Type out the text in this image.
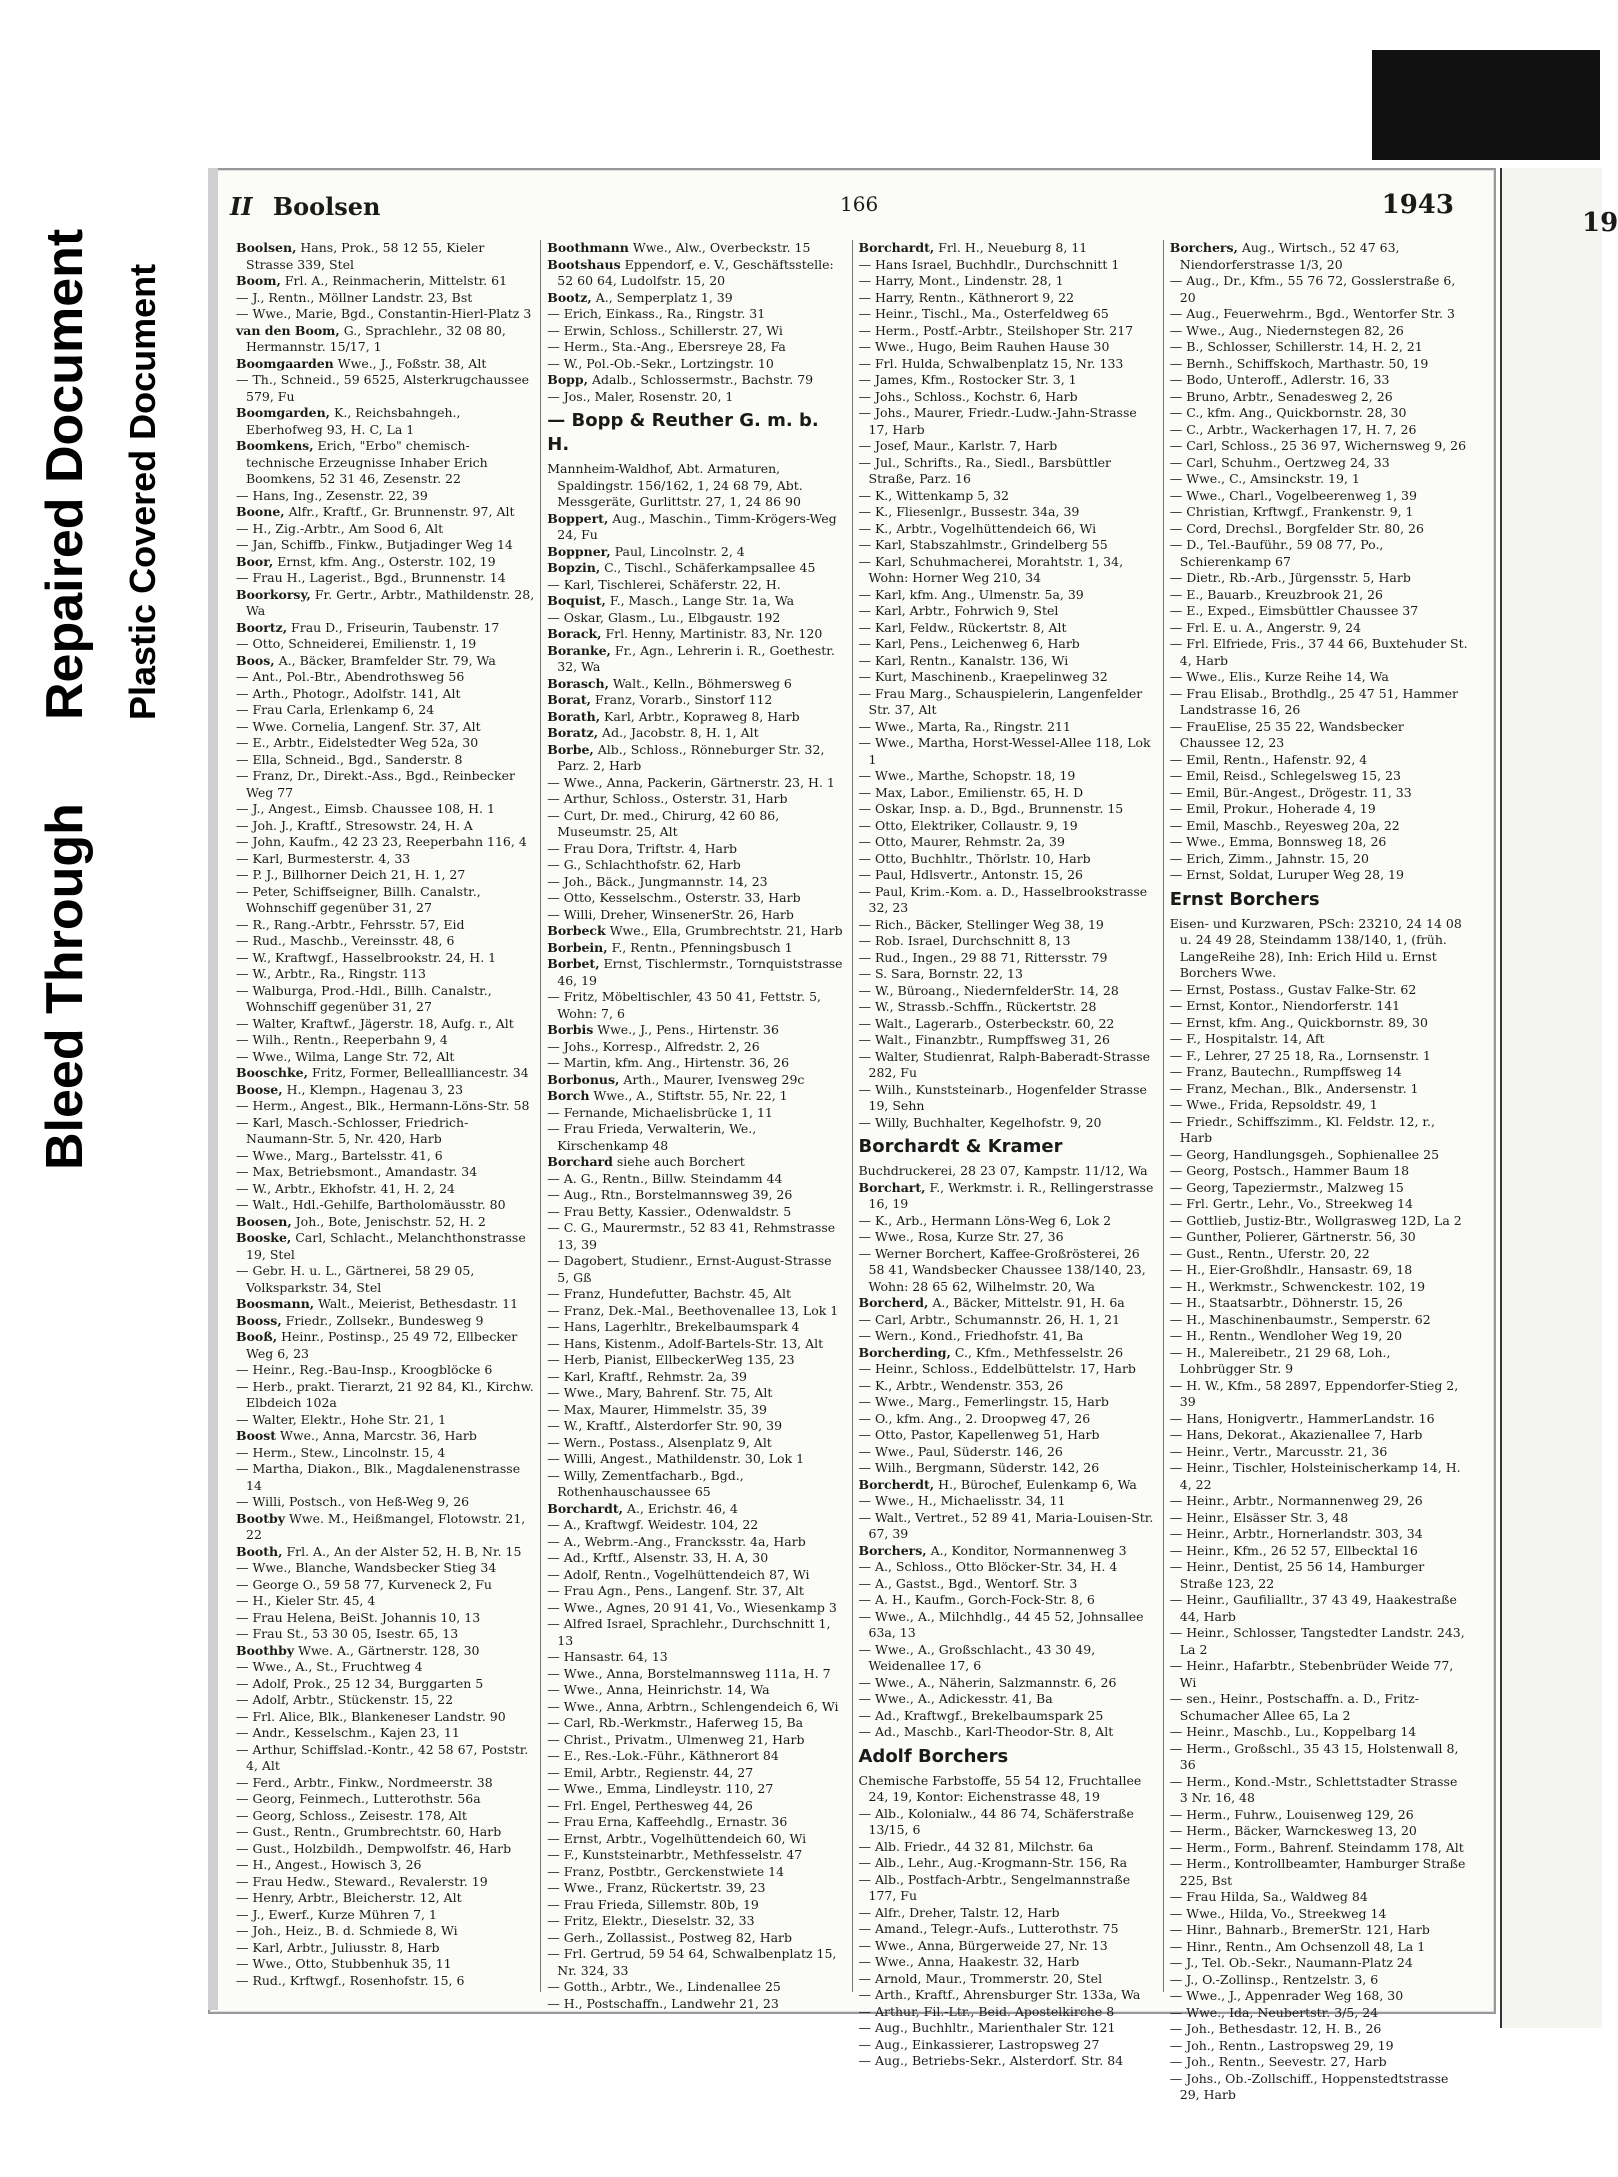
Bleed Through
Repaired Document Plastic Covered Document
II Boolsen	166	1943

Boolsen, Hans, Prok., 58 12 55, Kieler Strasse 339, Stel

Boom, Frl. A., Reinmacherin, Mittelstr. 61

— J., Rentn., Möllner Landstr. 23, Bst

— Wwe., Marie, Bgd., Constantin-Hierl-Platz 3

van den Boom, G., Sprachlehr., 32 08 80, Hermannstr. 15/17, 1

Boomgaarden Wwe., J., Foßstr. 38, Alt

— Th., Schneid., 59 6525, Alsterkrugchaussee 579, Fu

Boomgarden, K., Reichsbahngeh., Eberhofweg 93, H. C, La 1

Boomkens, Erich, "Erbo" chemisch-technische Erzeugnisse Inhaber Erich Boomkens, 52 31 46, Zesenstr. 22

— Hans, Ing., Zesenstr. 22, 39

Boone, Alfr., Kraftf., Gr. Brunnenstr. 97, Alt

— H., Zig.-Arbtr., Am Sood 6, Alt

— Jan, Schiffb., Finkw., Butjadinger Weg 14

Boor, Ernst, kfm. Ang., Osterstr. 102, 19

— Frau H., Lagerist., Bgd., Brunnenstr. 14

Boorkorsy, Fr. Gertr., Arbtr., Mathildenstr. 28, Wa

Boortz, Frau D., Friseurin, Taubenstr. 17

— Otto, Schneiderei, Emilienstr. 1, 19

Boos, A., Bäcker, Bramfelder Str. 79, Wa

— Ant., Pol.-Btr., Abendrothsweg 56

— Arth., Photogr., Adolfstr. 141, Alt

— Frau Carla, Erlenkamp 6, 24

— Wwe. Cornelia, Langenf. Str. 37, Alt

— E., Arbtr., Eidelstedter Weg 52a, 30

— Ella, Schneid., Bgd., Sanderstr. 8

— Franz, Dr., Direkt.-Ass., Bgd., Reinbecker Weg 77

— J., Angest., Eimsb. Chaussee 108, H. 1

— Joh. J., Kraftf., Stresowstr. 24, H. A

— John, Kaufm., 42 23 23, Reeperbahn 116, 4

— Karl, Burmesterstr. 4, 33

— P. J., Billhorner Deich 21, H. 1, 27

— Peter, Schiffseigner, Billh. Canalstr., Wohnschiff gegenüber 31, 27

— R., Rang.-Arbtr., Fehrsstr. 57, Eid

— Rud., Maschb., Vereinsstr. 48, 6

— W., Kraftwgf., Hasselbrookstr. 24, H. 1

— W., Arbtr., Ra., Ringstr. 113

— Walburga, Prod.-Hdl., Billh. Canalstr., Wohnschiff gegenüber 31, 27

— Walter, Kraftwf., Jägerstr. 18, Aufg. r., Alt

— Wilh., Rentn., Reeperbahn 9, 4

— Wwe., Wilma, Lange Str. 72, Alt

Booschke, Fritz, Former, Belleallliancestr. 34

Boose, H., Klempn., Hagenau 3, 23

— Herm., Angest., Blk., Hermann-Löns-Str. 58

— Karl, Masch.-Schlosser, Friedrich-Naumann-Str. 5, Nr. 420, Harb

— Wwe., Marg., Bartelsstr. 41, 6

— Max, Betriebsmont., Amandastr. 34

— W., Arbtr., Ekhofstr. 41, H. 2, 24

— Walt., Hdl.-Gehilfe, Bartholomäusstr. 80

Boosen, Joh., Bote, Jenischstr. 52, H. 2

Booske, Carl, Schlacht., Melanchthonstrasse 19, Stel

— Gebr. H. u. L., Gärtnerei, 58 29 05, Volksparkstr. 34, Stel

Boosmann, Walt., Meierist, Bethesdastr. 11

Booss, Friedr., Zollsekr., Bundesweg 9

Booß, Heinr., Postinsp., 25 49 72, Ellbecker Weg 6, 23

— Heinr., Reg.-Bau-Insp., Kroogblöcke 6

— Herb., prakt. Tierarzt, 21 92 84, Kl., Kirchw. Elbdeich 102a

— Walter, Elektr., Hohe Str. 21, 1

Boost Wwe., Anna, Marcstr. 36, Harb

— Herm., Stew., Lincolnstr. 15, 4

— Martha, Diakon., Blk., Magdalenenstrasse 14

— Willi, Postsch., von Heß-Weg 9, 26

Bootby Wwe. M., Heißmangel, Flotowstr. 21, 22

Booth, Frl. A., An der Alster 52, H. B, Nr. 15

— Wwe., Blanche, Wandsbecker Stieg 34

— George O., 59 58 77, Kurveneck 2, Fu

— H., Kieler Str. 45, 4

— Frau Helena, BeiSt. Johannis 10, 13

— Frau St., 53 30 05, Isestr. 65, 13

Boothby Wwe. A., Gärtnerstr. 128, 30

— Wwe., A., St., Fruchtweg 4

— Adolf, Prok., 25 12 34, Burggarten 5

— Adolf, Arbtr., Stückenstr. 15, 22

— Frl. Alice, Blk., Blankeneser Landstr. 90

— Andr., Kesselschm., Kajen 23, 11

— Arthur, Schiffslad.-Kontr., 42 58 67, Poststr. 4, Alt

— Ferd., Arbtr., Finkw., Nordmeerstr. 38

— Georg, Feinmech., Lutterothstr. 56a

— Georg, Schloss., Zeisestr. 178, Alt

— Gust., Rentn., Grumbrechtstr. 60, Harb

— Gust., Holzbildh., Dempwolfstr. 46, Harb

— H., Angest., Howisch 3, 26

— Frau Hedw., Steward., Revalerstr. 19

— Henry, Arbtr., Bleicherstr. 12, Alt

— J., Ewerf., Kurze Mühren 7, 1

— Joh., Heiz., B. d. Schmiede 8, Wi

— Karl, Arbtr., Juliusstr. 8, Harb

— Wwe., Otto, Stubbenhuk 35, 11

— Rud., Krftwgf., Rosenhofstr. 15, 6

Boothmann Wwe., Alw., Overbeckstr. 15

Bootshaus Eppendorf, e. V., Geschäftsstelle: 52 60 64, Ludolfstr. 15, 20

Bootz, A., Semperplatz 1, 39

— Erich, Einkass., Ra., Ringstr. 31

— Erwin, Schloss., Schillerstr. 27, Wi

— Herm., Sta.-Ang., Ebersreye 28, Fa

— W., Pol.-Ob.-Sekr., Lortzingstr. 10

Bopp, Adalb., Schlossermstr., Bachstr. 79

— Jos., Maler, Rosenstr. 20, 1

— Bopp & Reuther G. m. b. H.

Mannheim-Waldhof, Abt. Armaturen, Spaldingstr. 156/162, 1, 24 68 79, Abt. Messgeräte, Gurlittstr. 27, 1, 24 86 90

Boppert, Aug., Maschin., Timm-Krögers-Weg 24, Fu

Boppner, Paul, Lincolnstr. 2, 4

Bopzin, C., Tischl., Schäferkampsallee 45

— Karl, Tischlerei, Schäferstr. 22, H.

Boquist, F., Masch., Lange Str. 1a, Wa

— Oskar, Glasm., Lu., Elbgaustr. 192

Borack, Frl. Henny, Martinistr. 83, Nr. 120

Boranke, Fr., Agn., Lehrerin i. R., Goethestr. 32, Wa

Borasch, Walt., Kelln., Böhmersweg 6

Borat, Franz, Vorarb., Sinstorf 112

Borath, Karl, Arbtr., Kopraweg 8, Harb

Boratz, Ad., Jacobstr. 8, H. 1, Alt

Borbe, Alb., Schloss., Rönneburger Str. 32, Parz. 2, Harb

— Wwe., Anna, Packerin, Gärtnerstr. 23, H. 1

— Arthur, Schloss., Osterstr. 31, Harb

— Curt, Dr. med., Chirurg, 42 60 86, Museumstr. 25, Alt

— Frau Dora, Triftstr. 4, Harb

— G., Schlachthofstr. 62, Harb

— Joh., Bäck., Jungmannstr. 14, 23

— Otto, Kesselschm., Osterstr. 33, Harb

— Willi, Dreher, WinsenerStr. 26, Harb

Borbeck Wwe., Ella, Grumbrechtstr. 21, Harb

Borbein, F., Rentn., Pfenningsbusch 1

Borbet, Ernst, Tischlermstr., Tornquiststrasse 46, 19

— Fritz, Möbeltischler, 43 50 41, Fettstr. 5, Wohn: 7, 6

Borbis Wwe., J., Pens., Hirtenstr. 36

— Johs., Korresp., Alfredstr. 2, 26

— Martin, kfm. Ang., Hirtenstr. 36, 26

Borbonus, Arth., Maurer, Ivensweg 29c

Borch Wwe., A., Stiftstr. 55, Nr. 22, 1

— Fernande, Michaelisbrücke 1, 11

— Frau Frieda, Verwalterin, We., Kirschenkamp 48

Borchard siehe auch Borchert

— A. G., Rentn., Billw. Steindamm 44

— Aug., Rtn., Borstelmannsweg 39, 26

— Frau Betty, Kassier., Odenwaldstr. 5

— C. G., Maurermstr., 52 83 41, Rehmstrasse 13, 39

— Dagobert, Studienr., Ernst-August-Strasse 5, Gß

— Franz, Hundefutter, Bachstr. 45, Alt

— Franz, Dek.-Mal., Beethovenallee 13, Lok 1

— Hans, Lagerhltr., Brekelbaumspark 4

— Hans, Kistenm., Adolf-Bartels-Str. 13, Alt

— Herb, Pianist, EllbeckerWeg 135, 23

— Karl, Kraftf., Rehmstr. 2a, 39

— Wwe., Mary, Bahrenf. Str. 75, Alt

— Max, Maurer, Himmelstr. 35, 39

— W., Kraftf., Alsterdorfer Str. 90, 39

— Wern., Postass., Alsenplatz 9, Alt

— Willi, Angest., Mathildenstr. 30, Lok 1

— Willy, Zementfacharb., Bgd., Rothenhauschaussee 65

Borchardt, A., Erichstr. 46, 4

— A., Kraftwgf. Weidestr. 104, 22

— A., Webrm.-Ang., Francksstr. 4a, Harb

— Ad., Krftf., Alsenstr. 33, H. A, 30

— Adolf, Rentn., Vogelhüttendeich 87, Wi

— Frau Agn., Pens., Langenf. Str. 37, Alt

— Wwe., Agnes, 20 91 41, Vo., Wiesenkamp 3

— Alfred Israel, Sprachlehr., Durchschnitt 1, 13

— Hansastr. 64, 13

— Wwe., Anna, Borstelmannsweg 111a, H. 7

— Wwe., Anna, Heinrichstr. 14, Wa

— Wwe., Anna, Arbtrn., Schlengendeich 6, Wi

— Carl, Rb.-Werkmstr., Haferweg 15, Ba

— Christ., Privatm., Ulmenweg 21, Harb

— E., Res.-Lok.-Führ., Käthnerort 84

— Emil, Arbtr., Regienstr. 44, 27

— Wwe., Emma, Lindleystr. 110, 27

— Frl. Engel, Perthesweg 44, 26

— Frau Erna, Kaffeehdlg., Ernastr. 36

— Ernst, Arbtr., Vogelhüttendeich 60, Wi

— F., Kunststeinarbtr., Methfesselstr. 47

— Franz, Postbtr., Gerckenstwiete 14

— Wwe., Franz, Rückertstr. 39, 23

— Frau Frieda, Sillemstr. 80b, 19

— Fritz, Elektr., Dieselstr. 32, 33

— Gerh., Zollassist., Postweg 82, Harb

— Frl. Gertrud, 59 54 64, Schwalbenplatz 15, Nr. 324, 33

— Gotth., Arbtr., We., Lindenallee 25

— H., Postschaffn., Landwehr 21, 23

Borchardt, Frl. H., Neueburg 8, 11

— Hans Israel, Buchhdlr., Durchschnitt 1

— Harry, Mont., Lindenstr. 28, 1

— Harry, Rentn., Käthnerort 9, 22

— Heinr., Tischl., Ma., Osterfeldweg 65

— Herm., Postf.-Arbtr., Steilshoper Str. 217

— Wwe., Hugo, Beim Rauhen Hause 30

— Frl. Hulda, Schwalbenplatz 15, Nr. 133

— James, Kfm., Rostocker Str. 3, 1

— Johs., Schloss., Kochstr. 6, Harb

— Johs., Maurer, Friedr.-Ludw.-Jahn-Strasse 17, Harb

— Josef, Maur., Karlstr. 7, Harb

— Jul., Schrifts., Ra., Siedl., Barsbüttler Straße, Parz. 16

— K., Wittenkamp 5, 32

— K., Fliesenlgr., Bussestr. 34a, 39

— K., Arbtr., Vogelhüttendeich 66, Wi

— Karl, Stabszahlmstr., Grindelberg 55

— Karl, Schuhmacherei, Morahtstr. 1, 34, Wohn: Horner Weg 210, 34

— Karl, kfm. Ang., Ulmenstr. 5a, 39

— Karl, Arbtr., Fohrwich 9, Stel

— Karl, Feldw., Rückertstr. 8, Alt

— Karl, Pens., Leichenweg 6, Harb

— Karl, Rentn., Kanalstr. 136, Wi

— Kurt, Maschinenb., Kraepelinweg 32

— Frau Marg., Schauspielerin, Langenfelder Str. 37, Alt

— Wwe., Marta, Ra., Ringstr. 211

— Wwe., Martha, Horst-Wessel-Allee 118, Lok 1

— Wwe., Marthe, Schopstr. 18, 19

— Max, Labor., Emilienstr. 65, H. D

— Oskar, Insp. a. D., Bgd., Brunnenstr. 15

— Otto, Elektriker, Collaustr. 9, 19

— Otto, Maurer, Rehmstr. 2a, 39

— Otto, Buchhltr., Thörlstr. 10, Harb

— Paul, Hdlsvertr., Antonstr. 15, 26

— Paul, Krim.-Kom. a. D., Hasselbrookstrasse 32, 23

— Rich., Bäcker, Stellinger Weg 38, 19

— Rob. Israel, Durchschnitt 8, 13

— Rud., Ingen., 29 88 71, Rittersstr. 79

— S. Sara, Bornstr. 22, 13

— W., Büroang., NiedernfelderStr. 14, 28

— W., Strassb.-Schffn., Rückertstr. 28

— Walt., Lagerarb., Osterbeckstr. 60, 22

— Walt., Finanzbtr., Rumpffsweg 31, 26

— Walter, Studienrat, Ralph-Baberadt-Strasse 282, Fu

— Wilh., Kunststeinarb., Hogenfelder Strasse 19, Sehn

— Willy, Buchhalter, Kegelhofstr. 9, 20

Borchardt & Kramer

Buchdruckerei, 28 23 07, Kampstr. 11/12, Wa

Borchart, F., Werkmstr. i. R., Rellingerstrasse 16, 19

— K., Arb., Hermann Löns-Weg 6, Lok 2

— Wwe., Rosa, Kurze Str. 27, 36

— Werner Borchert, Kaffee-Großrösterei, 26 58 41, Wandsbecker Chaussee 138/140, 23, Wohn: 28 65 62, Wilhelmstr. 20, Wa

Borcherd, A., Bäcker, Mittelstr. 91, H. 6a

— Carl, Arbtr., Schumannstr. 26, H. 1, 21

— Wern., Kond., Friedhofstr. 41, Ba

Borcherding, C., Kfm., Methfesselstr. 26

— Heinr., Schloss., Eddelbüttelstr. 17, Harb

— K., Arbtr., Wendenstr. 353, 26

— Wwe., Marg., Femerlingstr. 15, Harb

— O., kfm. Ang., 2. Droopweg 47, 26

— Otto, Pastor, Kapellenweg 51, Harb

— Wwe., Paul, Süderstr. 146, 26

— Wilh., Bergmann, Süderstr. 142, 26

Borcherdt, H., Bürochef, Eulenkamp 6, Wa

— Wwe., H., Michaelisstr. 34, 11

— Walt., Vertret., 52 89 41, Maria-Louisen-Str. 67, 39

Borchers, A., Konditor, Normannenweg 3

— A., Schloss., Otto Blöcker-Str. 34, H. 4

— A., Gastst., Bgd., Wentorf. Str. 3

— A. H., Kaufm., Gorch-Fock-Str. 8, 6

— Wwe., A., Milchhdlg., 44 45 52, Johnsallee 63a, 13

— Wwe., A., Großschlacht., 43 30 49, Weidenallee 17, 6

— Wwe., A., Näherin, Salzmannstr. 6, 26

— Wwe., A., Adickesstr. 41, Ba

— Ad., Kraftwgf., Brekelbaumspark 25

— Ad., Maschb., Karl-Theodor-Str. 8, Alt

Adolf Borchers

Chemische Farbstoffe, 55 54 12, Fruchtallee 24, 19, Kontor: Eichenstrasse 48, 19

— Alb., Kolonialw., 44 86 74, Schäferstraße 13/15, 6

— Alb. Friedr., 44 32 81, Milchstr. 6a

— Alb., Lehr., Aug.-Krogmann-Str. 156, Ra

— Alb., Postfach-Arbtr., Sengelmannstraße 177, Fu

— Alfr., Dreher, Talstr. 12, Harb

— Amand., Telegr.-Aufs., Lutterothstr. 75

— Wwe., Anna, Bürgerweide 27, Nr. 13

— Wwe., Anna, Haakestr. 32, Harb

— Arnold, Maur., Trommerstr. 20, Stel

— Arth., Kraftf., Ahrensburger Str. 133a, Wa

— Arthur, Fil.-Ltr., Beid. Apostelkirche 8

— Aug., Buchhltr., Marienthaler Str. 121

— Aug., Einkassierer, Lastropsweg 27

— Aug., Betriebs-Sekr., Alsterdorf. Str. 84

Borchers, Aug., Wirtsch., 52 47 63, Niendorferstrasse 1/3, 20

— Aug., Dr., Kfm., 55 76 72, Gosslerstraße 6, 20

— Aug., Feuerwehrm., Bgd., Wentorfer Str. 3

— Wwe., Aug., Niedernstegen 82, 26

— B., Schlosser, Schillerstr. 14, H. 2, 21

— Bernh., Schiffskoch, Marthastr. 50, 19

— Bodo, Unteroff., Adlerstr. 16, 33

— Bruno, Arbtr., Senadesweg 2, 26

— C., kfm. Ang., Quickbornstr. 28, 30

— C., Arbtr., Wackerhagen 17, H. 7, 26

— Carl, Schloss., 25 36 97, Wichernsweg 9, 26

— Carl, Schuhm., Oertzweg 24, 33

— Wwe., C., Amsinckstr. 19, 1

— Wwe., Charl., Vogelbeerenweg 1, 39

— Christian, Krftwgf., Frankenstr. 9, 1

— Cord, Drechsl., Borgfelder Str. 80, 26

— D., Tel.-Bauführ., 59 08 77, Po., Schierenkamp 67

— Dietr., Rb.-Arb., Jürgensstr. 5, Harb

— E., Bauarb., Kreuzbrook 21, 26

— E., Exped., Eimsbüttler Chaussee 37

— Frl. E. u. A., Angerstr. 9, 24

— Frl. Elfriede, Fris., 37 44 66, Buxtehuder St. 4, Harb

— Wwe., Elis., Kurze Reihe 14, Wa

— Frau Elisab., Brothdlg., 25 47 51, Hammer Landstrasse 16, 26

— FrauElise, 25 35 22, Wandsbecker Chaussee 12, 23

— Emil, Rentn., Hafenstr. 92, 4

— Emil, Reisd., Schlegelsweg 15, 23

— Emil, Bür.-Angest., Drögestr. 11, 33

— Emil, Prokur., Hoherade 4, 19

— Emil, Maschb., Reyesweg 20a, 22

— Wwe., Emma, Bonnsweg 18, 26

— Erich, Zimm., Jahnstr. 15, 20

— Ernst, Soldat, Luruper Weg 28, 19

Ernst Borchers

Eisen- und Kurzwaren, PSch: 23210, 24 14 08 u. 24 49 28, Steindamm 138/140, 1, (früh. LangeReihe 28), Inh: Erich Hild u. Ernst Borchers Wwe.

— Ernst, Postass., Gustav Falke-Str. 62

— Ernst, Kontor., Niendorferstr. 141

— Ernst, kfm. Ang., Quickbornstr. 89, 30

— F., Hospitalstr. 14, Aft

— F., Lehrer, 27 25 18, Ra., Lornsenstr. 1

— Franz, Bautechn., Rumpffsweg 14

— Franz, Mechan., Blk., Andersenstr. 1

— Wwe., Frida, Repsoldstr. 49, 1

— Friedr., Schiffszimm., Kl. Feldstr. 12, r., Harb

— Georg, Handlungsgeh., Sophienallee 25

— Georg, Postsch., Hammer Baum 18

— Georg, Tapeziermstr., Malzweg 15

— Frl. Gertr., Lehr., Vo., Streekweg 14

— Gottlieb, Justiz-Btr., Wollgrasweg 12D, La 2

— Gunther, Polierer, Gärtnerstr. 56, 30

— Gust., Rentn., Uferstr. 20, 22

— H., Eier-Großhdlr., Hansastr. 69, 18

— H., Werkmstr., Schwenckestr. 102, 19

— H., Staatsarbtr., Döhnerstr. 15, 26

— H., Maschinenbaumstr., Semperstr. 62

— H., Rentn., Wendloher Weg 19, 20

— H., Malereibetr., 21 29 68, Loh., Lohbrügger Str. 9

— H. W., Kfm., 58 2897, Eppendorfer-Stieg 2, 39

— Hans, Honigvertr., HammerLandstr. 16

— Hans, Dekorat., Akazienallee 7, Harb

— Heinr., Vertr., Marcusstr. 21, 36

— Heinr., Tischler, Holsteinischerkamp 14, H. 4, 22

— Heinr., Arbtr., Normannenweg 29, 26

— Heinr., Elsässer Str. 3, 48

— Heinr., Arbtr., Hornerlandstr. 303, 34

— Heinr., Kfm., 26 52 57, Ellbecktal 16

— Heinr., Dentist, 25 56 14, Hamburger Straße 123, 22

— Heinr., Gaufilialltr., 37 43 49, Haakestraße 44, Harb

— Heinr., Schlosser, Tangstedter Landstr. 243, La 2

— Heinr., Hafarbtr., Stebenbrüder Weide 77, Wi

— sen., Heinr., Postschaffn. a. D., Fritz-Schumacher Allee 65, La 2

— Heinr., Maschb., Lu., Koppelbarg 14

— Herm., Großschl., 35 43 15, Holstenwall 8, 36

— Herm., Kond.-Mstr., Schlettstadter Strasse 3 Nr. 16, 48

— Herm., Fuhrw., Louisenweg 129, 26

— Herm., Bäcker, Warnckesweg 13, 20

— Herm., Form., Bahrenf. Steindamm 178, Alt

— Herm., Kontrollbeamter, Hamburger Straße 225, Bst

— Frau Hilda, Sa., Waldweg 84

— Wwe., Hilda, Vo., Streekweg 14

— Hinr., Bahnarb., BremerStr. 121, Harb

— Hinr., Rentn., Am Ochsenzoll 48, La 1

— J., Tel. Ob.-Sekr., Naumann-Platz 24

— J., O.-Zollinsp., Rentzelstr. 3, 6

— Wwe., J., Appenrader Weg 168, 30

— Wwe., Ida, Neubertstr. 3/5, 24

— Joh., Bethesdastr. 12, H. B., 26

— Joh., Rentn., Lastropsweg 29, 19

— Joh., Rentn., Seevestr. 27, Harb

— Johs., Ob.-Zollschiff., Hoppenstedtstrasse 29, Harb

19
